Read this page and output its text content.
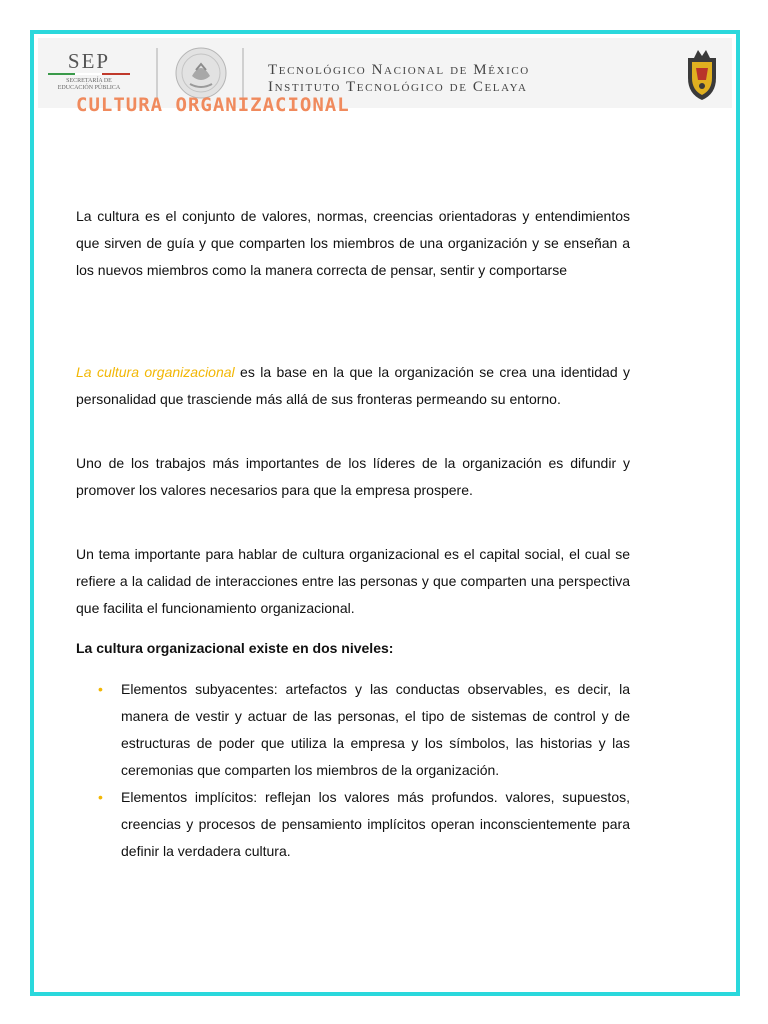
SEP
SECRETARÍA DE
EDUCACIÓN PÚBLICA
Tecnológico Nacional de México
Instituto Tecnológico de Celaya
CULTURA ORGANIZACIONAL

La cultura es el conjunto de valores, normas, creencias orientadoras y entendimientos que sirven de guía y que comparten los miembros de una organización y se enseñan a los nuevos miembros como la manera correcta de pensar, sentir y comportarse

La cultura organizacional es la base en la que la organización se crea una identidad y personalidad que trasciende más allá de sus fronteras permeando su entorno.

Uno de los trabajos más importantes de los líderes de la organización es difundir y promover los valores necesarios para que la empresa prospere.

Un tema importante para hablar de cultura organizacional es el capital social, el cual se refiere a la calidad de interacciones entre las personas y que comparten una perspectiva que facilita el funcionamiento organizacional.

La cultura organizacional existe en dos niveles:
• Elementos subyacentes: artefactos y las conductas observables, es decir, la manera de vestir y actuar de las personas, el tipo de sistemas de control y de estructuras de poder que utiliza la empresa y los símbolos, las historias y las ceremonias que comparten los miembros de la organización.
• Elementos implícitos: reflejan los valores más profundos. valores, supuestos, creencias y procesos de pensamiento implícitos operan inconscientemente para definir la verdadera cultura.
